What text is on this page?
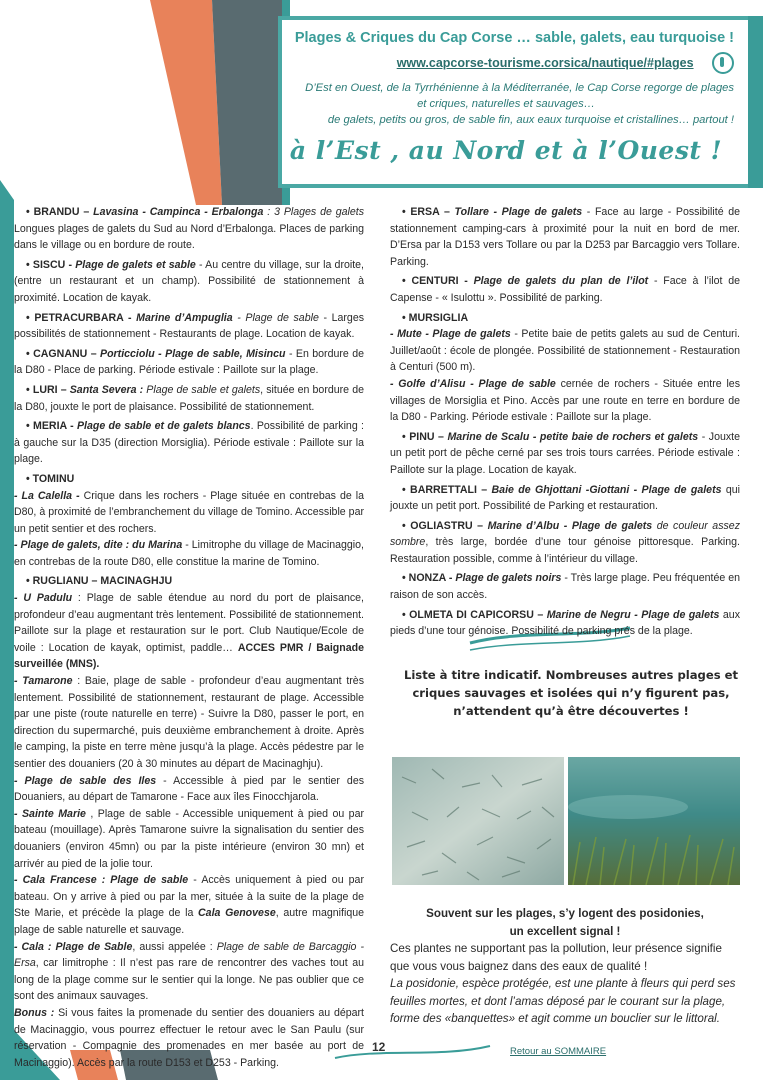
Plages & Criques du Cap Corse … sable, galets, eau turquoise !
www.capcorse-tourisme.corsica/nautique/#plages
D’Est en Ouest, de la Tyrrhénienne à la Méditerranée, le Cap Corse regorge de plages
et criques, naturelles et sauvages…
de galets, petits ou gros, de sable fin, aux eaux turquoise et cristallines… partout !
à l’Est , au Nord et à l’Ouest !
• BRANDU – Lavasina - Campinca - Erbalonga : 3 Plages de galets Longues plages de galets du Sud au Nord d’Erbalonga. Places de parking dans le village ou en bordure de route.
• SISCU - Plage de galets et sable - Au centre du village, sur la droite, (entre un restaurant et un champ). Possibilité de stationnement à proximité. Location de kayak.
• PETRACURBARA - Marine d’Ampuglia - Plage de sable - Larges possibilités de stationnement - Restaurants de plage. Location de kayak.
• CAGNANU – Porticciolu - Plage de sable, Misincu - En bordure de la D80 - Place de parking. Période estivale : Paillote sur la plage.
• LURI – Santa Severa : Plage de sable et galets, située en bordure de la D80, jouxte le port de plaisance. Possibilité de stationnement.
• MERIA - Plage de sable et de galets blancs. Possibilité de parking : à gauche sur la D35 (direction Morsiglia). Période estivale : Paillote sur la plage.
• TOMINU
- La Calella - Crique dans les rochers - Plage située en contrebas de la D80, à proximité de l’embranchement du village de Tomino. Accessible par un petit sentier et des rochers.
- Plage de galets, dite : du Marina - Limitrophe du village de Macinaggio, en contrebas de la route D80, elle constitue la marine de Tomino.
• RUGLIANU – MACINAGHJU
- U Padulu : Plage de sable étendue au nord du port de plaisance, profondeur d’eau augmentant très lentement. Possibilité de stationnement. Paillote sur la plage et restauration sur le port. Club Nautique/Ecole de voile : Location de kayak, optimist, paddle… ACCES PMR / Baignade surveillée (MNS).
- Tamarone : Baie, plage de sable - profondeur d’eau augmentant très lentement. Possibilité de stationnement, restaurant de plage. Accessible par une piste (route naturelle en terre) - Suivre la D80, passer le port, en direction du supermarché, puis deuxième embranchement à droite. Après le camping, la piste en terre mène jusqu’à la plage. Accès pédestre par le sentier des douaniers (20 à 30 minutes au départ de Macinaghju).
- Plage de sable des Iles - Accessible à pied par le sentier des Douaniers, au départ de Tamarone - Face aux îles Finocchjarola.
- Sainte Marie , Plage de sable - Accessible uniquement à pied ou par bateau (mouillage). Après Tamarone suivre la signalisation du sentier des douaniers (environ 45mn) ou par la piste intérieure (environ 30 mn) et arrivér au pied de la jolie tour.
- Cala Francese : Plage de sable - Accès uniquement à pied ou par bateau. On y arrive à pied ou par la mer, située à la suite de la plage de Ste Marie, et précède la plage de la Cala Genovese, autre magnifique plage de sable naturelle et sauvage.
- Cala : Plage de Sable, aussi appelée : Plage de sable de Barcaggio - Ersa, car limitrophe : Il n’est pas rare de rencontrer des vaches tout au long de la plage comme sur le sentier qui la longe. Ne pas oublier que ce sont des animaux sauvages.
Bonus : Si vous faites la promenade du sentier des douaniers au départ de Macinaggio, vous pourrez effectuer le retour avec le San Paulu (sur réservation - Compagnie des promenades en mer basée au port de Macinaggio). Accès par la route D153 et D253 - Parking.
• ERSA – Tollare - Plage de galets - Face au large - Possibilité de stationnement camping-cars à proximité pour la nuit en bord de mer. D’Ersa par la D153 vers Tollare ou par la D253 par Barcaggio vers Tollare. Parking.
• CENTURI - Plage de galets du plan de l’ilot - Face à l’ilot de Capense - « Isulottu ». Possibilité de parking.
• MURSIGLIA
- Mute - Plage de galets - Petite baie de petits galets au sud de Centuri. Juillet/août : école de plongée. Possibilité de stationnement - Restauration à Centuri (500 m).
- Golfe d’Alisu - Plage de sable cernée de rochers - Située entre les villages de Morsiglia et Pino. Accès par une route en terre en bordure de la D80 - Parking. Période estivale : Paillote sur la plage.
• PINU – Marine de Scalu - petite baie de rochers et galets - Jouxte un petit port de pêche cerné par ses trois tours carrées. Période estivale : Paillote sur la plage. Location de kayak.
• BARRETTALI – Baie de Ghjottani -Giottani - Plage de galets qui jouxte un petit port. Possibilité de Parking et restauration.
• OGLIASTRU – Marine d’Albu - Plage de galets de couleur assez sombre, très large, bordée d’une tour génoise pittoresque. Parking. Restauration possible, comme à l’intérieur du village.
• NONZA - Plage de galets noirs - Très large plage. Peu fréquentée en raison de son accès.
• OLMETA DI CAPICORSU – Marine de Negru - Plage de galets aux pieds d’une tour génoise. Possibilité de parking prés de la plage.
Liste à titre indicatif. Nombreuses autres plages et criques sauvages et isolées qui n’y figurent pas, n’attendent qu’à être découvertes !
Souvent sur les plages, s’y logent des posidonies,
un excellent signal !
Ces plantes ne supportant pas la pollution, leur présence signifie que vous vous baignez dans des eaux de qualité !
La posidonie, espèce protégée, est une plante à fleurs qui perd ses feuilles mortes, et dont l’amas déposé par le courant sur la plage, forme des «banquettes» et agit comme un bouclier sur le littoral.
12	Retour au SOMMAIRE
